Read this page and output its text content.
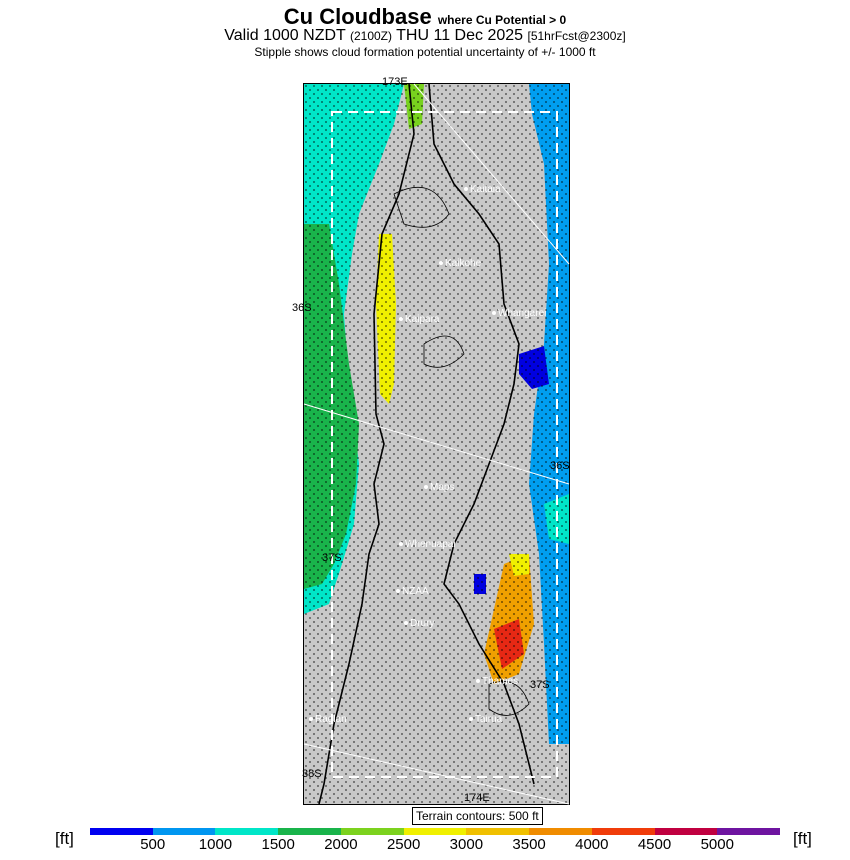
Cu Cloudbase where Cu Potential > 0
Valid 1000 NZDT (2100Z) THU 11 Dec 2025 [51hrFcst@2300z]
Stipple shows cloud formation potential uncertainty of +/- 1000 ft
173E
174E
36S
37S
38S
36S
37S
Kaitaia
Kaikohe
Whangarei
Kaipara
Maps
Whenuapai
NZAA
Drury
Thames
Raglan	Tairua
Terrain contours: 500 ft
[ft]	[ft]
500 1000 1500 2000 2500 3000 3500 4000 4500 5000
